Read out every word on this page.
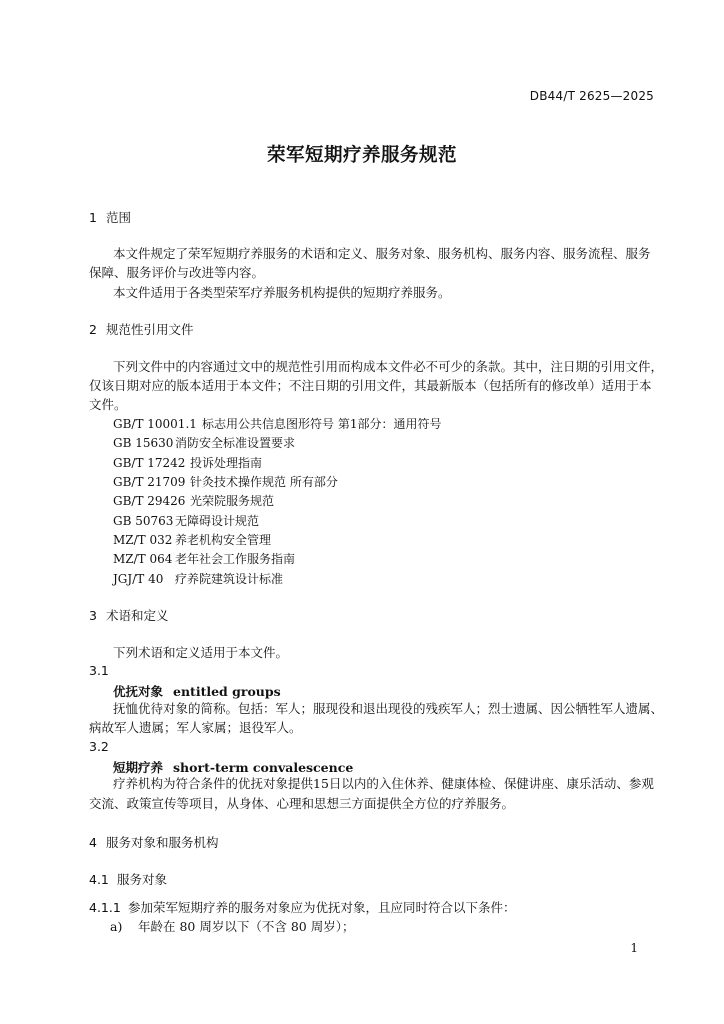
DB44/T 2625—2025
荣军短期疗养服务规范
1 范围
本文件规定了荣军短期疗养服务的术语和定义、服务对象、服务机构、服务内容、服务流程、服务
保障、服务评价与改进等内容。
本文件适用于各类型荣军疗养服务机构提供的短期疗养服务。
2 规范性引用文件
下列文件中的内容通过文中的规范性引用而构成本文件必不可少的条款。其中，注日期的引用文件，
仅该日期对应的版本适用于本文件；不注日期的引用文件，其最新版本（包括所有的修改单）适用于本
文件。
GB/T 10001.1 标志用公共信息图形符号 第1部分：通用符号
GB 15630 消防安全标准设置要求
GB/T 17242 投诉处理指南
GB/T 21709 针灸技术操作规范 所有部分
GB/T 29426 光荣院服务规范
GB 50763 无障碍设计规范
MZ/T 032 养老机构安全管理
MZ/T 064 老年社会工作服务指南
JGJ/T 40 疗养院建筑设计标准
3 术语和定义
下列术语和定义适用于本文件。
3.1
优抚对象 entitled groups
抚恤优待对象的简称。包括：军人；服现役和退出现役的残疾军人；烈士遗属、因公牺牲军人遗属、
病故军人遗属；军人家属；退役军人。
3.2
短期疗养 short-term convalescence
疗养机构为符合条件的优抚对象提供15日以内的入住休养、健康体检、保健讲座、康乐活动、参观
交流、政策宣传等项目，从身体、心理和思想三方面提供全方位的疗养服务。
4 服务对象和服务机构
4.1 服务对象
4.1.1 参加荣军短期疗养的服务对象应为优抚对象，且应同时符合以下条件：
a) 年龄在 80 周岁以下（不含 80 周岁）；
1
